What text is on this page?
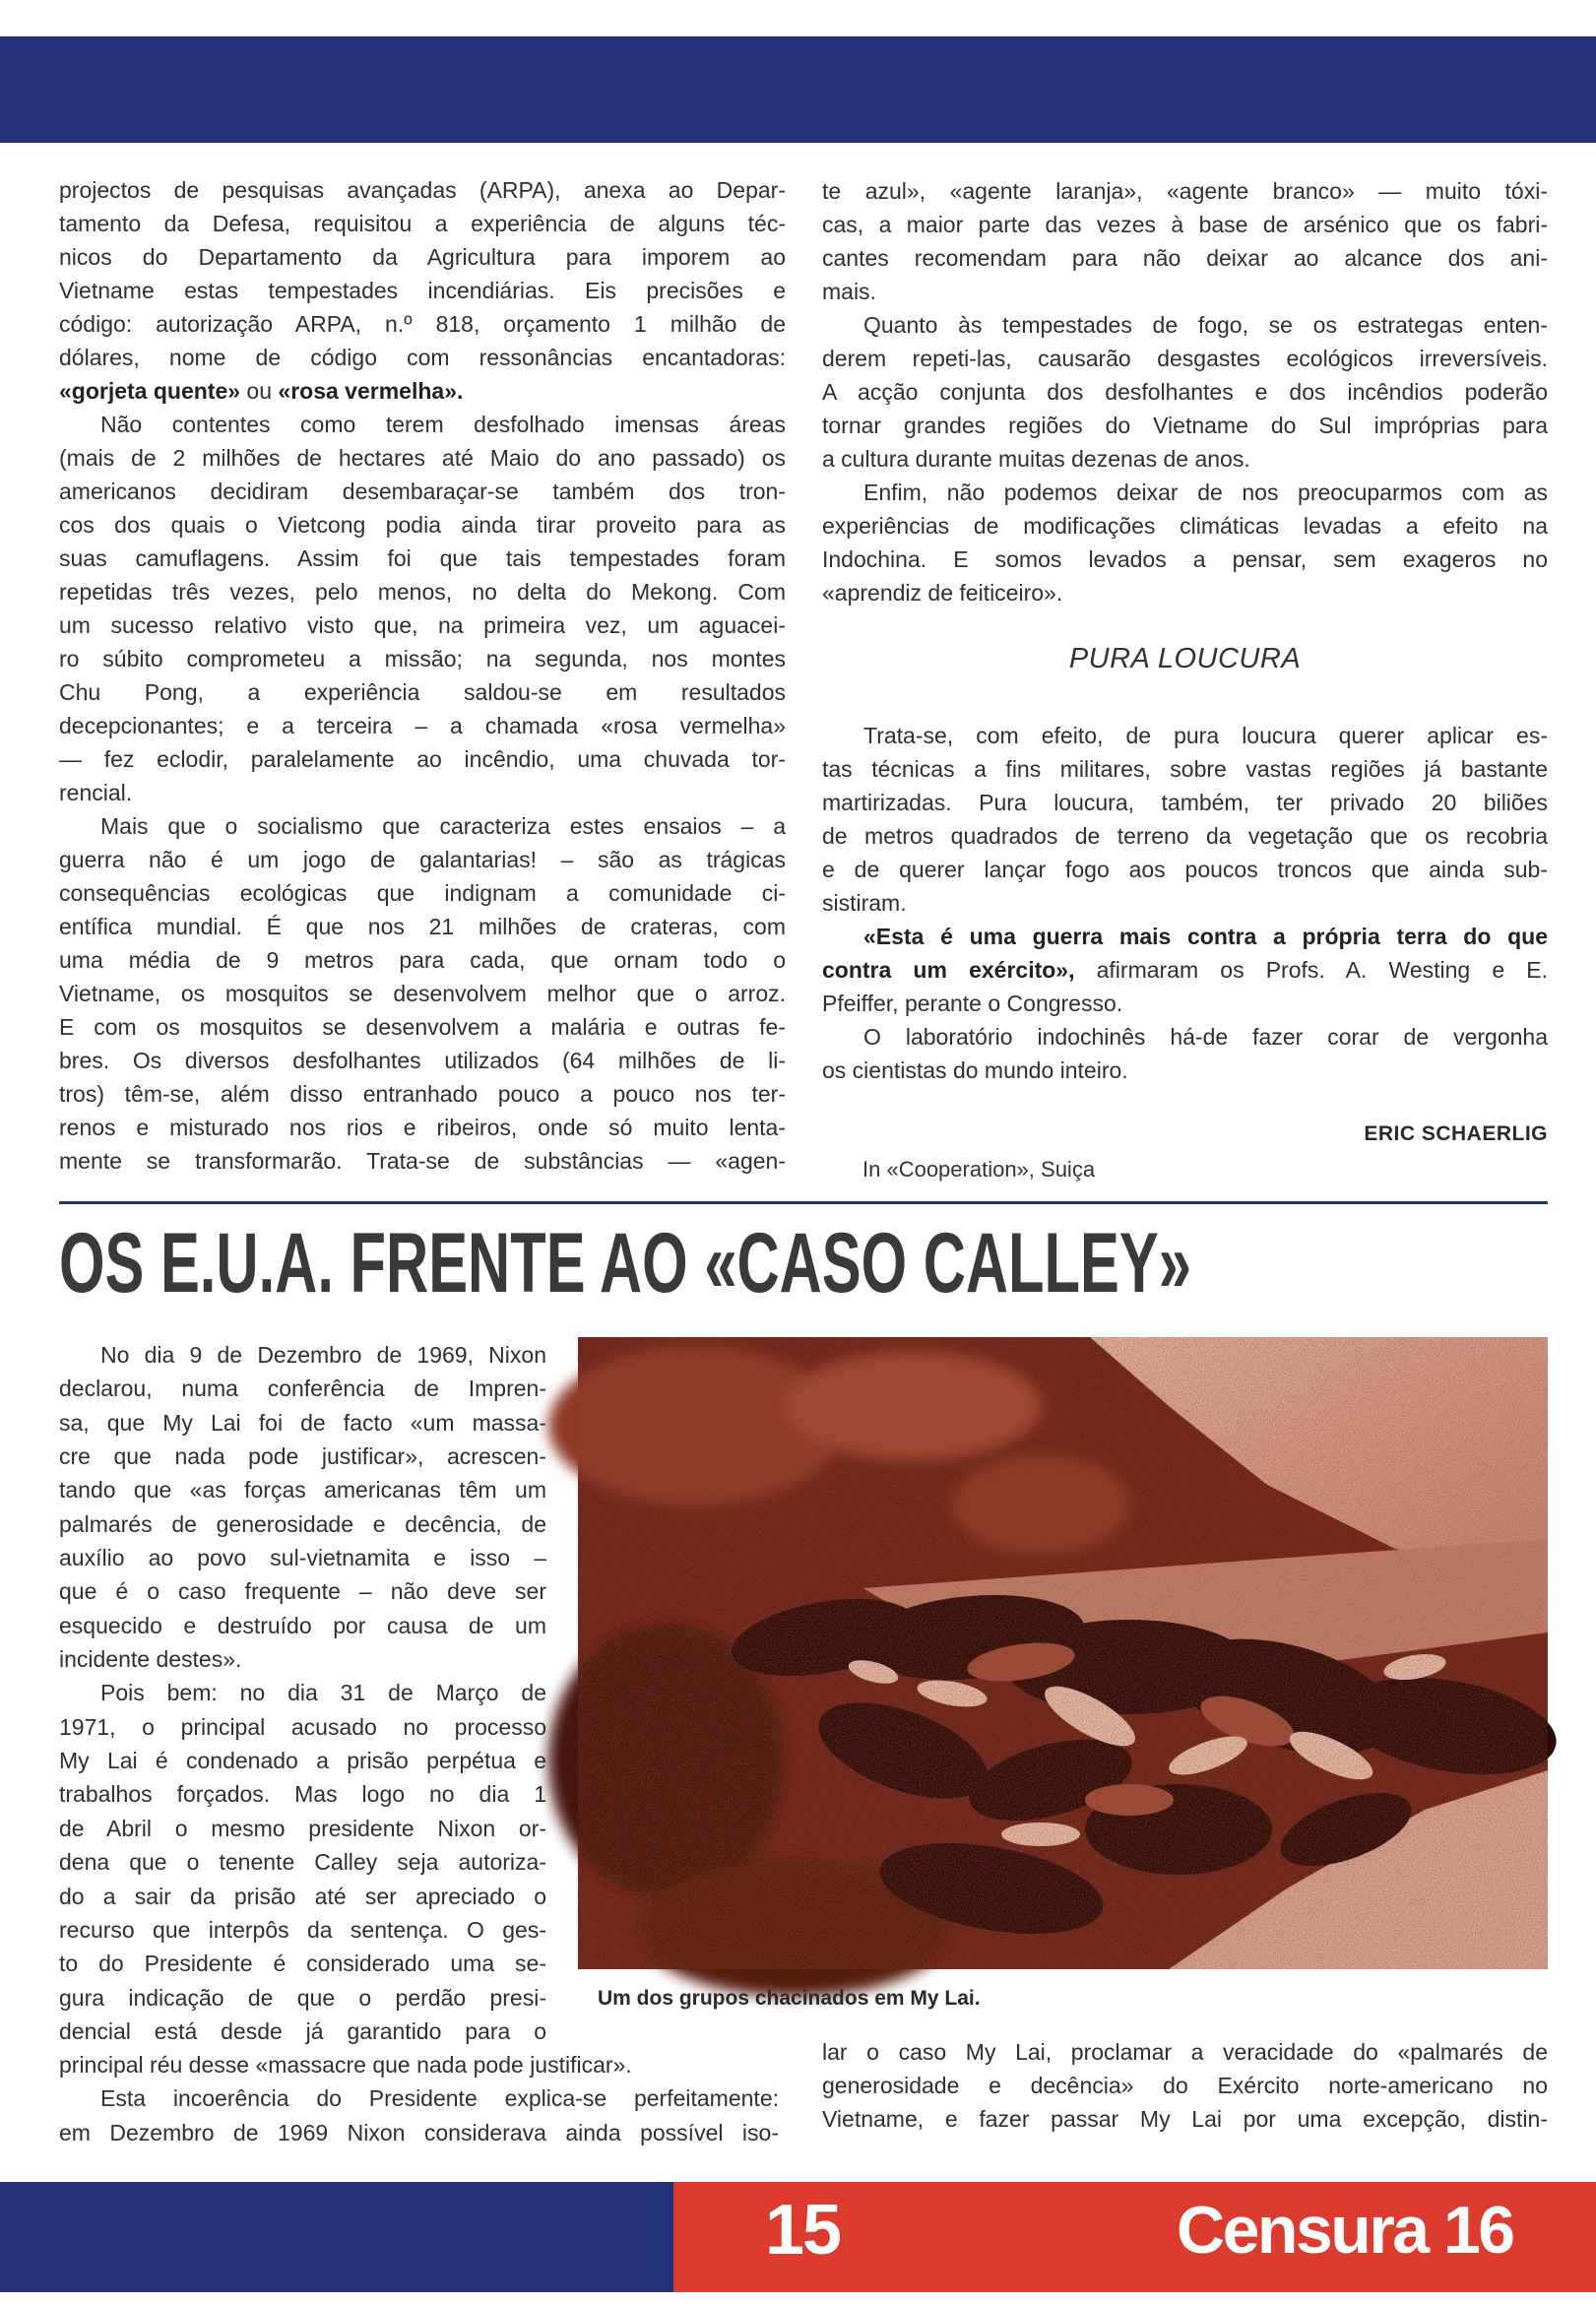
projectos de pesquisas avançadas (ARPA), anexa ao Depar-
tamento da Defesa, requisitou a experiência de alguns téc-
nicos do Departamento da Agricultura para imporem ao
Vietname estas tempestades incendiárias. Eis precisões e
código: autorização ARPA, n.º 818, orçamento 1 milhão de
dólares, nome de código com ressonâncias encantadoras:
«gorjeta quente» ou «rosa vermelha».
Não contentes como terem desfolhado imensas áreas
(mais de 2 milhões de hectares até Maio do ano passado) os
americanos decidiram desembaraçar-se também dos tron-
cos dos quais o Vietcong podia ainda tirar proveito para as
suas camuflagens. Assim foi que tais tempestades foram
repetidas três vezes, pelo menos, no delta do Mekong. Com
um sucesso relativo visto que, na primeira vez, um aguacei-
ro súbito comprometeu a missão; na segunda, nos montes
Chu Pong, a experiência saldou-se em resultados
decepcionantes; e a terceira – a chamada «rosa vermelha»
— fez eclodir, paralelamente ao incêndio, uma chuvada tor-
rencial.
Mais que o socialismo que caracteriza estes ensaios – a
guerra não é um jogo de galantarias! – são as trágicas
consequências ecológicas que indignam a comunidade ci-
entífica mundial. É que nos 21 milhões de crateras, com
uma média de 9 metros para cada, que ornam todo o
Vietname, os mosquitos se desenvolvem melhor que o arroz.
E com os mosquitos se desenvolvem a malária e outras fe-
bres. Os diversos desfolhantes utilizados (64 milhões de li-
tros) têm-se, além disso entranhado pouco a pouco nos ter-
renos e misturado nos rios e ribeiros, onde só muito lenta-
mente se transformarão. Trata-se de substâncias — «agen-
te azul», «agente laranja», «agente branco» — muito tóxi-
cas, a maior parte das vezes à base de arsénico que os fabri-
cantes recomendam para não deixar ao alcance dos ani-
mais.
Quanto às tempestades de fogo, se os estrategas enten-
derem repeti-las, causarão desgastes ecológicos irreversíveis.
A acção conjunta dos desfolhantes e dos incêndios poderão
tornar grandes regiões do Vietname do Sul impróprias para
a cultura durante muitas dezenas de anos.
Enfim, não podemos deixar de nos preocuparmos com as
experiências de modificações climáticas levadas a efeito na
Indochina. E somos levados a pensar, sem exageros no
«aprendiz de feiticeiro».
PURA LOUCURA
Trata-se, com efeito, de pura loucura querer aplicar es-
tas técnicas a fins militares, sobre vastas regiões já bastante
martirizadas. Pura loucura, também, ter privado 20 biliões
de metros quadrados de terreno da vegetação que os recobria
e de querer lançar fogo aos poucos troncos que ainda sub-
sistiram.
«Esta é uma guerra mais contra a própria terra do que
contra um exército», afirmaram os Profs. A. Westing e E.
Pfeiffer, perante o Congresso.
O laboratório indochinês há-de fazer corar de vergonha
os cientistas do mundo inteiro.
ERIC SCHAERLIG
In «Cooperation», Suiça
OS E.U.A. FRENTE AO «CASO CALLEY»
No dia 9 de Dezembro de 1969, Nixon
declarou, numa conferência de Impren-
sa, que My Lai foi de facto «um massa-
cre que nada pode justificar», acrescen-
tando que «as forças americanas têm um
palmarés de generosidade e decência, de
auxílio ao povo sul-vietnamita e isso –
que é o caso frequente – não deve ser
esquecido e destruído por causa de um
incidente destes».
Pois bem: no dia 31 de Março de
1971, o principal acusado no processo
My Lai é condenado a prisão perpétua e
trabalhos forçados. Mas logo no dia 1
de Abril o mesmo presidente Nixon or-
dena que o tenente Calley seja autoriza-
do a sair da prisão até ser apreciado o
recurso que interpôs da sentença. O ges-
to do Presidente é considerado uma se-
gura indicação de que o perdão presi-
dencial está desde já garantido para o
principal réu desse «massacre que nada pode justificar».
Esta incoerência do Presidente explica-se perfeitamente:
em Dezembro de 1969 Nixon considerava ainda possível iso-
Um dos grupos chacinados em My Lai.
lar o caso My Lai, proclamar a veracidade do «palmarés de
generosidade e decência» do Exército norte-americano no
Vietname, e fazer passar My Lai por uma excepção, distin-
15	Censura 16
